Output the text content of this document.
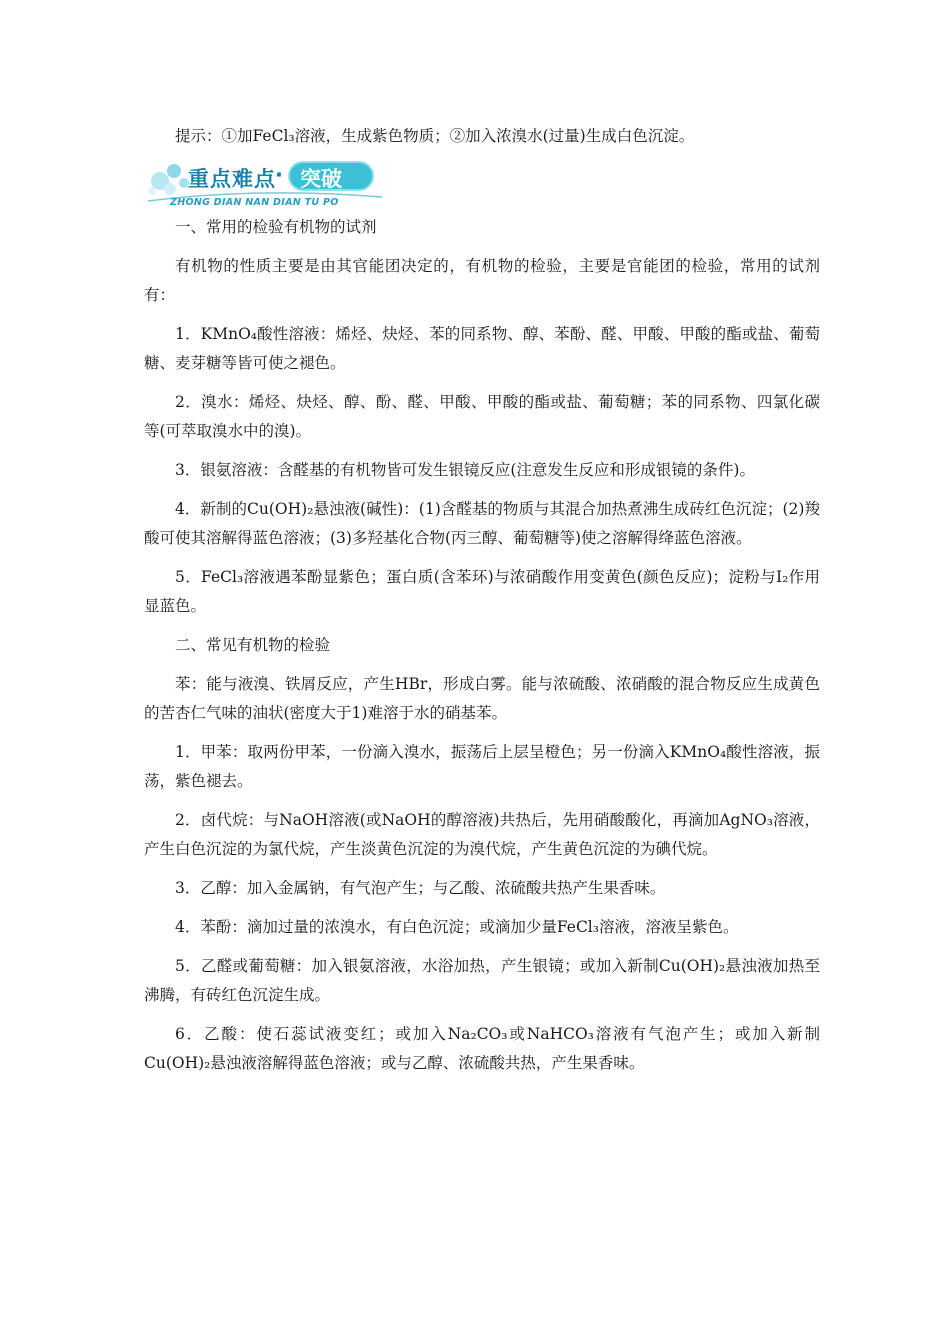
提示：①加FeCl₃溶液，生成紫色物质；②加入浓溴水(过量)生成白色沉淀。

重点难点 · 突破
ZHONG DIAN NAN DIAN TU PO

一、常用的检验有机物的试剂

有机物的性质主要是由其官能团决定的，有机物的检验，主要是官能团的检验，常用的试剂有：

1．KMnO₄酸性溶液：烯烃、炔烃、苯的同系物、醇、苯酚、醛、甲酸、甲酸的酯或盐、葡萄糖、麦芽糖等皆可使之褪色。

2．溴水：烯烃、炔烃、醇、酚、醛、甲酸、甲酸的酯或盐、葡萄糖；苯的同系物、四氯化碳等(可萃取溴水中的溴)。

3．银氨溶液：含醛基的有机物皆可发生银镜反应(注意发生反应和形成银镜的条件)。

4．新制的Cu(OH)₂悬浊液(碱性)：(1)含醛基的物质与其混合加热煮沸生成砖红色沉淀；(2)羧酸可使其溶解得蓝色溶液；(3)多羟基化合物(丙三醇、葡萄糖等)使之溶解得绛蓝色溶液。

5．FeCl₃溶液遇苯酚显紫色；蛋白质(含苯环)与浓硝酸作用变黄色(颜色反应)；淀粉与I₂作用显蓝色。

二、常见有机物的检验

苯：能与液溴、铁屑反应，产生HBr，形成白雾。能与浓硫酸、浓硝酸的混合物反应生成黄色的苦杏仁气味的油状(密度大于1)难溶于水的硝基苯。

1．甲苯：取两份甲苯，一份滴入溴水，振荡后上层呈橙色；另一份滴入KMnO₄酸性溶液，振荡，紫色褪去。

2．卤代烷：与NaOH溶液(或NaOH的醇溶液)共热后，先用硝酸酸化，再滴加AgNO₃溶液，产生白色沉淀的为氯代烷，产生淡黄色沉淀的为溴代烷，产生黄色沉淀的为碘代烷。

3．乙醇：加入金属钠，有气泡产生；与乙酸、浓硫酸共热产生果香味。

4．苯酚：滴加过量的浓溴水，有白色沉淀；或滴加少量FeCl₃溶液，溶液呈紫色。

5．乙醛或葡萄糖：加入银氨溶液，水浴加热，产生银镜；或加入新制Cu(OH)₂悬浊液加热至沸腾，有砖红色沉淀生成。

6．乙酸：使石蕊试液变红；或加入Na₂CO₃或NaHCO₃溶液有气泡产生；或加入新制Cu(OH)₂悬浊液溶解得蓝色溶液；或与乙醇、浓硫酸共热，产生果香味。
